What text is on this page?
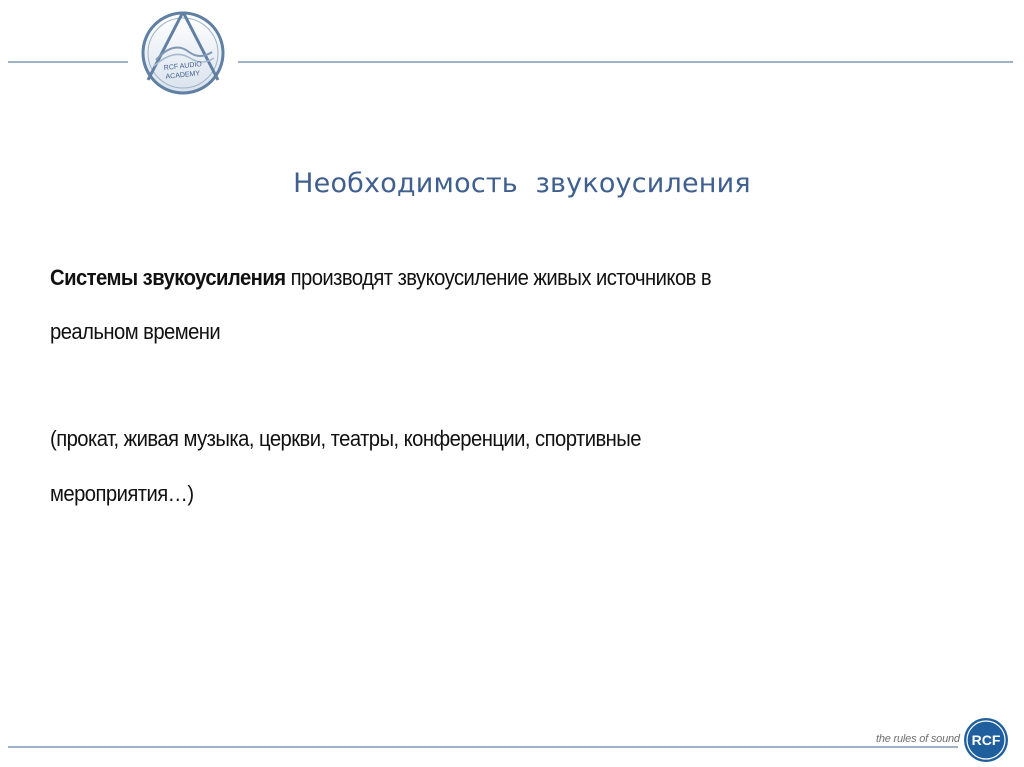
RCF AUDIO
ACADEMY
Необходимость  звукоусиления
Системы звукоусиления производят звукоусиление живых источников в
реальном времени
(прокат, живая музыка, церкви, театры, конференции, спортивные
мероприятия…)
the rules of sound RCF
